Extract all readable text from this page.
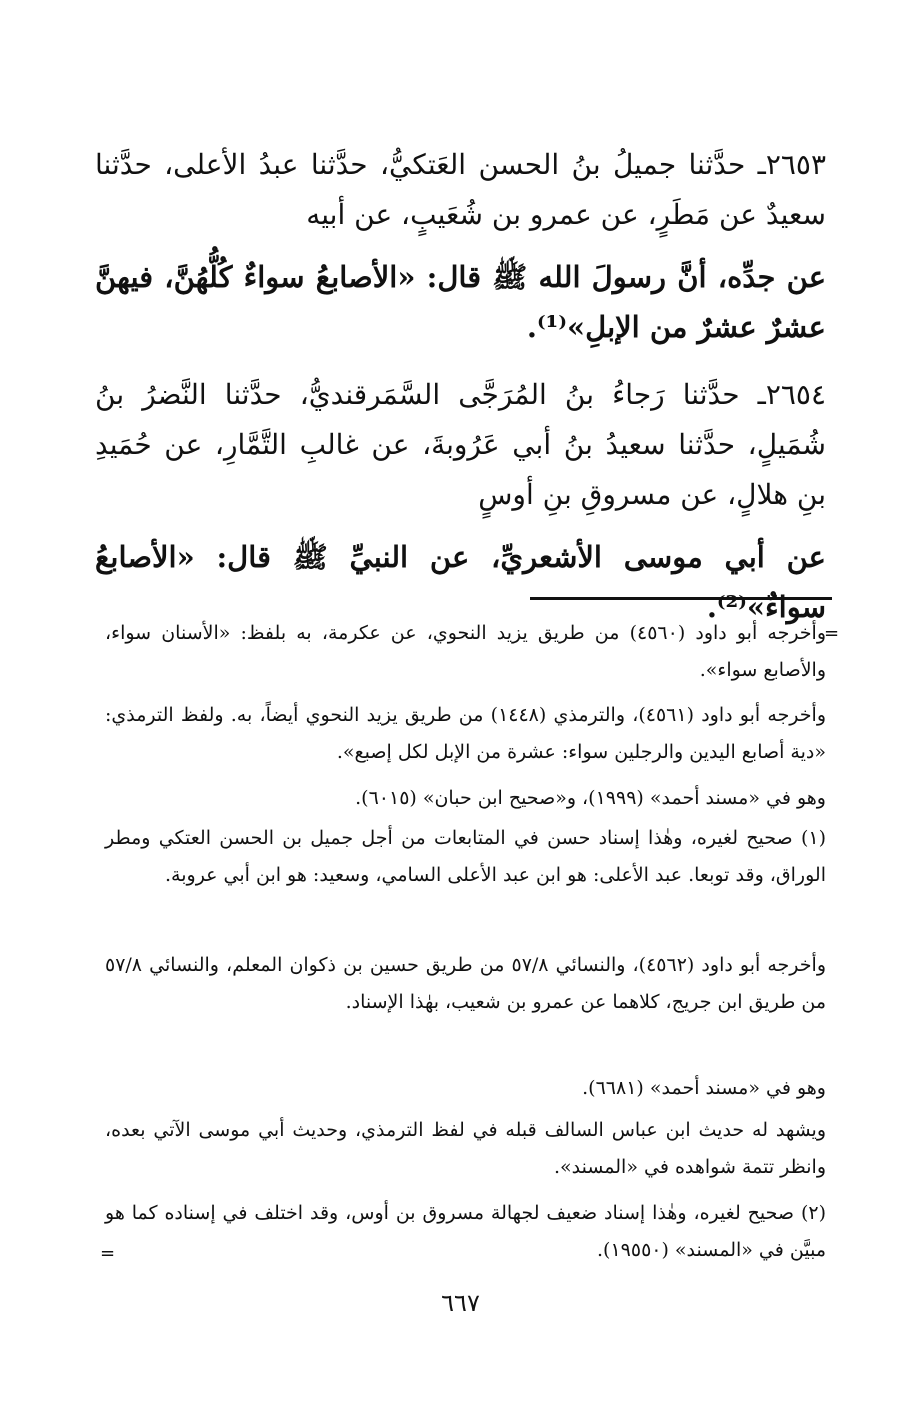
٢٦٥٣ـ حدَّثنا جميلُ بنُ الحسن العَتكيُّ، حدَّثنا عبدُ الأعلى، حدَّثنا سعيدٌ عن مَطَرٍ، عن عمرو بن شُعَيبٍ، عن أبيه
عن جدِّه، أنَّ رسولَ الله ﷺ قال: «الأصابعُ سواءٌ كُلُّهُنَّ، فيهنَّ عشرٌ عشرٌ من الإبلِ»⁽¹⁾.
٢٦٥٤ـ حدَّثنا رَجاءُ بنُ المُرَجَّى السَّمَرقنديُّ، حدَّثنا النَّضرُ بنُ شُمَيلٍ، حدَّثنا سعيدُ بنُ أبي عَرُوبةَ، عن غالبِ التَّمَّارِ، عن حُمَيدِ بنِ هلالٍ، عن مسروقِ بنِ أوسٍ
عن أبي موسى الأشعريِّ، عن النبيِّ ﷺ قال: «الأصابعُ سواءٌ»⁽²⁾.
=
وأخرجه أبو داود (٤٥٦٠) من طريق يزيد النحوي، عن عكرمة، به بلفظ: «الأسنان سواء، والأصابع سواء».
وأخرجه أبو داود (٤٥٦١)، والترمذي (١٤٤٨) من طريق يزيد النحوي أيضاً، به. ولفظ الترمذي: «دية أصابع اليدين والرجلين سواء: عشرة من الإبل لكل إصبع».
وهو في «مسند أحمد» (١٩٩٩)، و«صحيح ابن حبان» (٦٠١٥).
(١) صحيح لغيره، وهٰذا إسناد حسن في المتابعات من أجل جميل بن الحسن العتكي ومطر الوراق، وقد توبعا. عبد الأعلى: هو ابن عبد الأعلى السامي، وسعيد: هو ابن أبي عروبة.
وأخرجه أبو داود (٤٥٦٢)، والنسائي ٥٧/٨ من طريق حسين بن ذكوان المعلم، والنسائي ٥٧/٨ من طريق ابن جريج، كلاهما عن عمرو بن شعيب، بهٰذا الإسناد.
وهو في «مسند أحمد» (٦٦٨١).
ويشهد له حديث ابن عباس السالف قبله في لفظ الترمذي، وحديث أبي موسى الآتي بعده، وانظر تتمة شواهده في «المسند».
(٢) صحيح لغيره، وهٰذا إسناد ضعيف لجهالة مسروق بن أوس، وقد اختلف في إسناده كما هو مبيَّن في «المسند» (١٩٥٥٠).
=
٦٦٧
